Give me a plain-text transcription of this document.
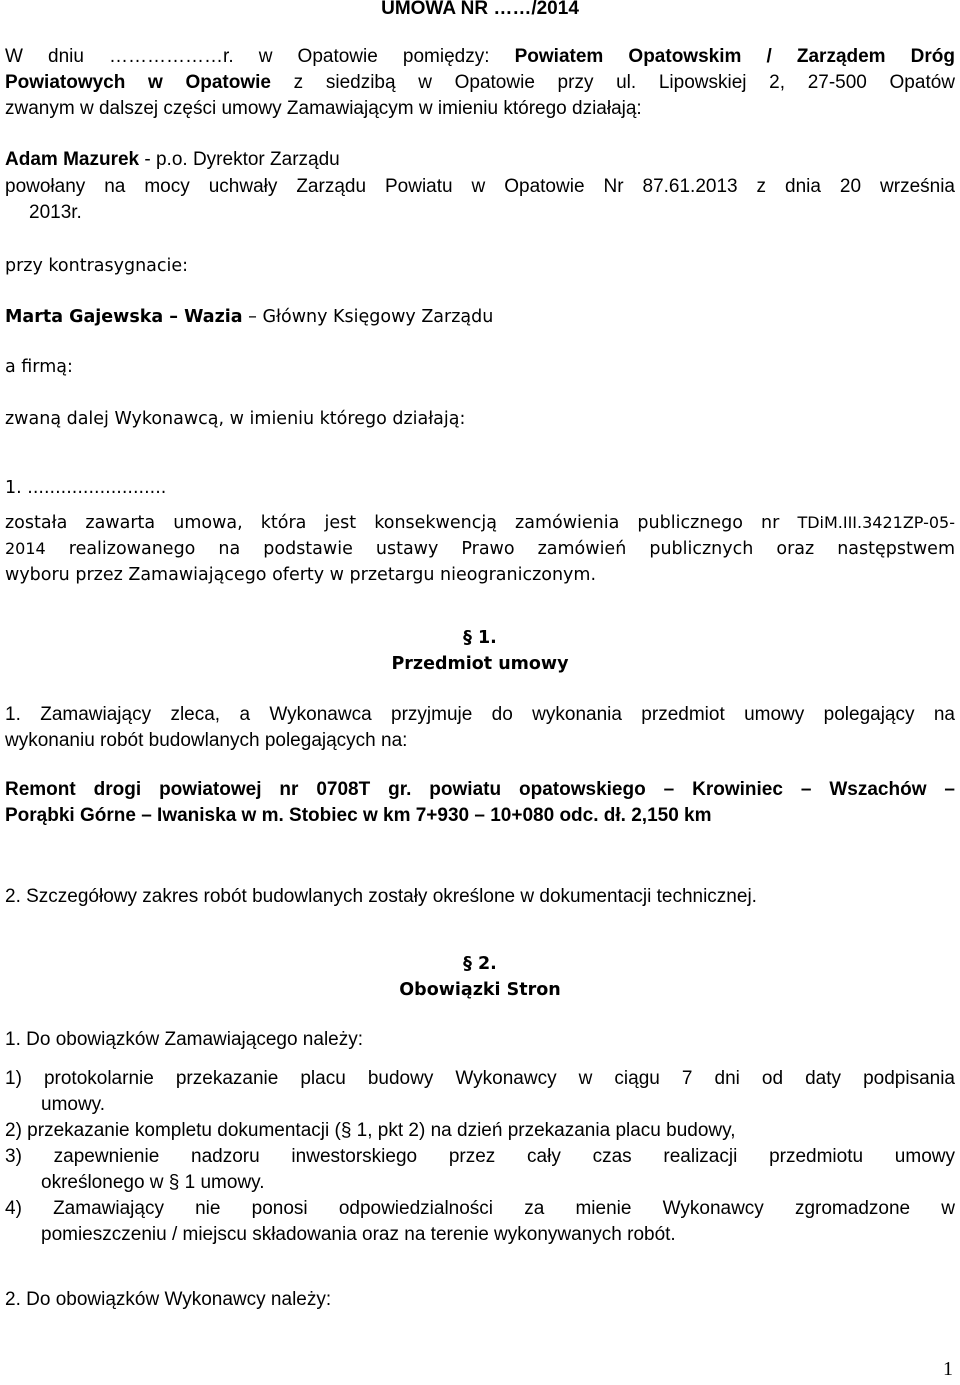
UMOWA NR ……/2014
W dniu ………………r. w Opatowie pomiędzy: Powiatem Opatowskim / Zarządem Dróg
Powiatowych w Opatowie z siedzibą w Opatowie przy ul. Lipowskiej 2, 27-500 Opatów
zwanym w dalszej części umowy Zamawiającym w imieniu którego działają:
Adam Mazurek - p.o. Dyrektor Zarządu
powołany na mocy uchwały Zarządu Powiatu w Opatowie Nr 87.61.2013 z dnia 20 września
2013r.
przy kontrasygnacie:
Marta Gajewska – Wazia – Główny Księgowy Zarządu
a firmą:
zwaną dalej Wykonawcą, w imieniu którego działają:
1. .........................
została zawarta umowa, która jest konsekwencją zamówienia publicznego nr TDiM.III.3421ZP-05-
2014 realizowanego na podstawie ustawy Prawo zamówień publicznych oraz następstwem
wyboru przez Zamawiającego oferty w przetargu nieograniczonym.
§ 1.
Przedmiot umowy
1. Zamawiający zleca, a Wykonawca przyjmuje do wykonania przedmiot umowy polegający na
wykonaniu robót budowlanych polegających na:
Remont drogi powiatowej nr 0708T gr. powiatu opatowskiego – Krowiniec – Wszachów –
Porąbki Górne – Iwaniska w m. Stobiec w km 7+930 – 10+080 odc. dł. 2,150 km
2. Szczegółowy zakres robót budowlanych zostały określone w dokumentacji technicznej.
§ 2.
Obowiązki Stron
1. Do obowiązków Zamawiającego należy:
1) protokolarnie przekazanie placu budowy Wykonawcy w ciągu 7 dni od daty podpisania
umowy.
2) przekazanie kompletu dokumentacji (§ 1, pkt 2) na dzień przekazania placu budowy,
3) zapewnienie nadzoru inwestorskiego przez cały czas realizacji przedmiotu umowy
określonego w § 1 umowy.
4) Zamawiający nie ponosi odpowiedzialności za mienie Wykonawcy zgromadzone w
pomieszczeniu / miejscu składowania oraz na terenie wykonywanych robót.
2. Do obowiązków Wykonawcy należy:
1
